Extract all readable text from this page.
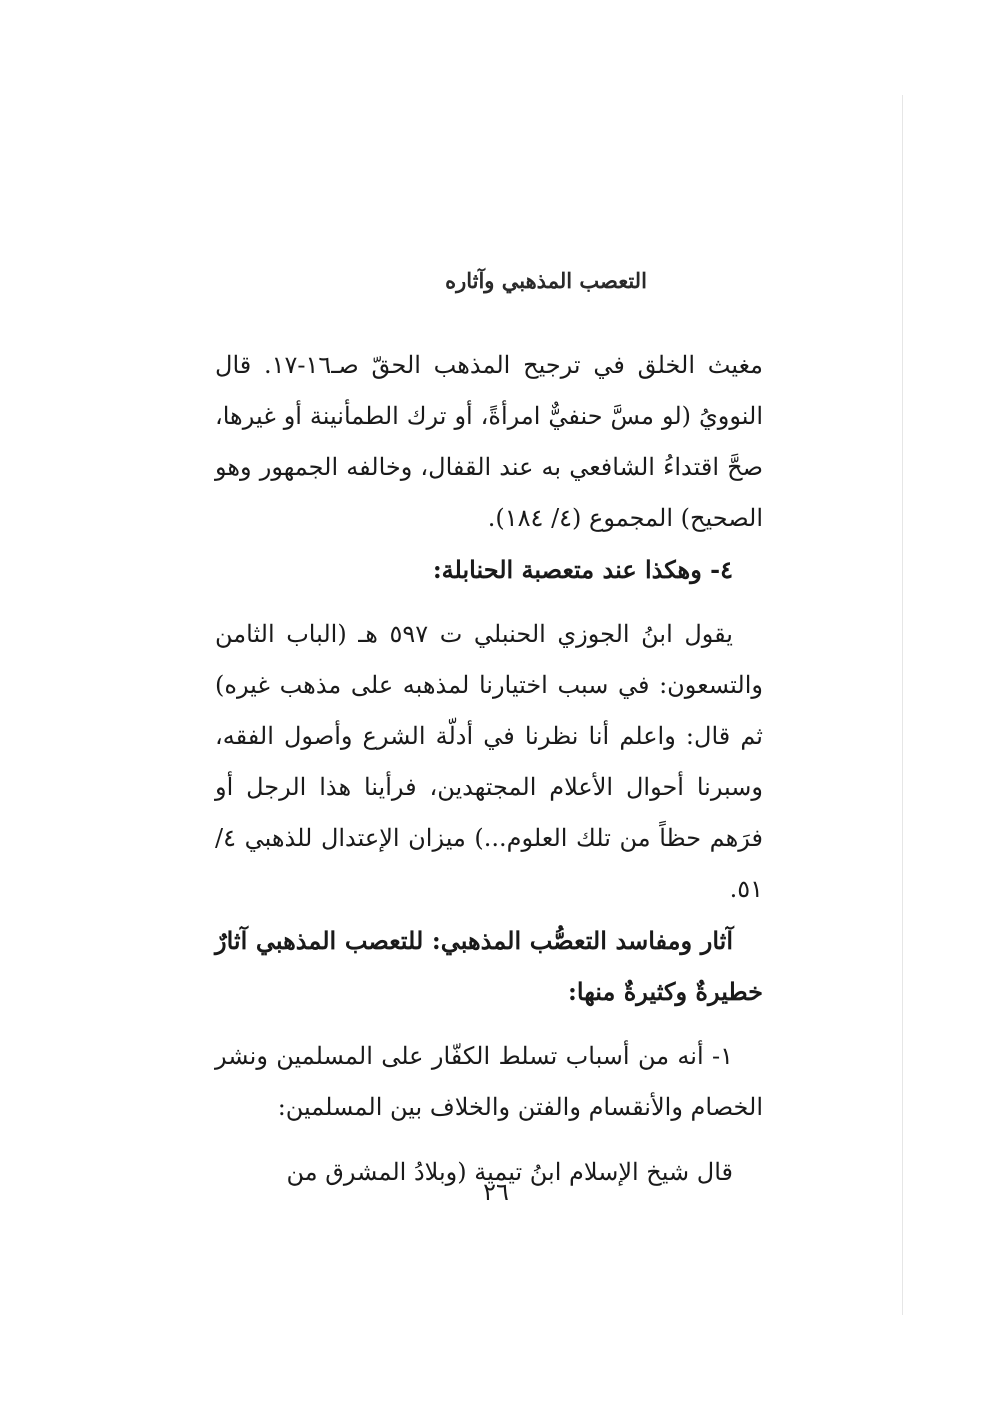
التعصب المذهبي وآثاره

مغيث الخلق في ترجيح المذهب الحقّ صـ١٦-١٧. قال النوويُ (لو مسَّ حنفيٌّ امرأةً، أو ترك الطمأنينة أو غيرها، صحَّ اقتداءُ الشافعي به عند القفال، وخالفه الجمهور وهو الصحيح) المجموع (٤/ ١٨٤).

٤- وهكذا عند متعصبة الحنابلة:

يقول ابنُ الجوزي الحنبلي ت ٥٩٧ هـ (الباب الثامن والتسعون: في سبب اختيارنا لمذهبه على مذهب غيره) ثم قال: واعلم أنا نظرنا في أدلّة الشرع وأصول الفقه، وسبرنا أحوال الأعلام المجتهدين، فرأينا هذا الرجل أو فرَهم حظاً من تلك العلوم...) ميزان الإعتدال للذهبي ٤/ ٥١.

آثار ومفاسد التعصُّب المذهبي: للتعصب المذهبي آثارٌ خطيرةٌ وكثيرةٌ منها:

١- أنه من أسباب تسلط الكفّار على المسلمين ونشر الخصام والأنقسام والفتن والخلاف بين المسلمين:

قال شيخ الإسلام ابنُ تيمية (وبلادُ المشرق من

٢٦
